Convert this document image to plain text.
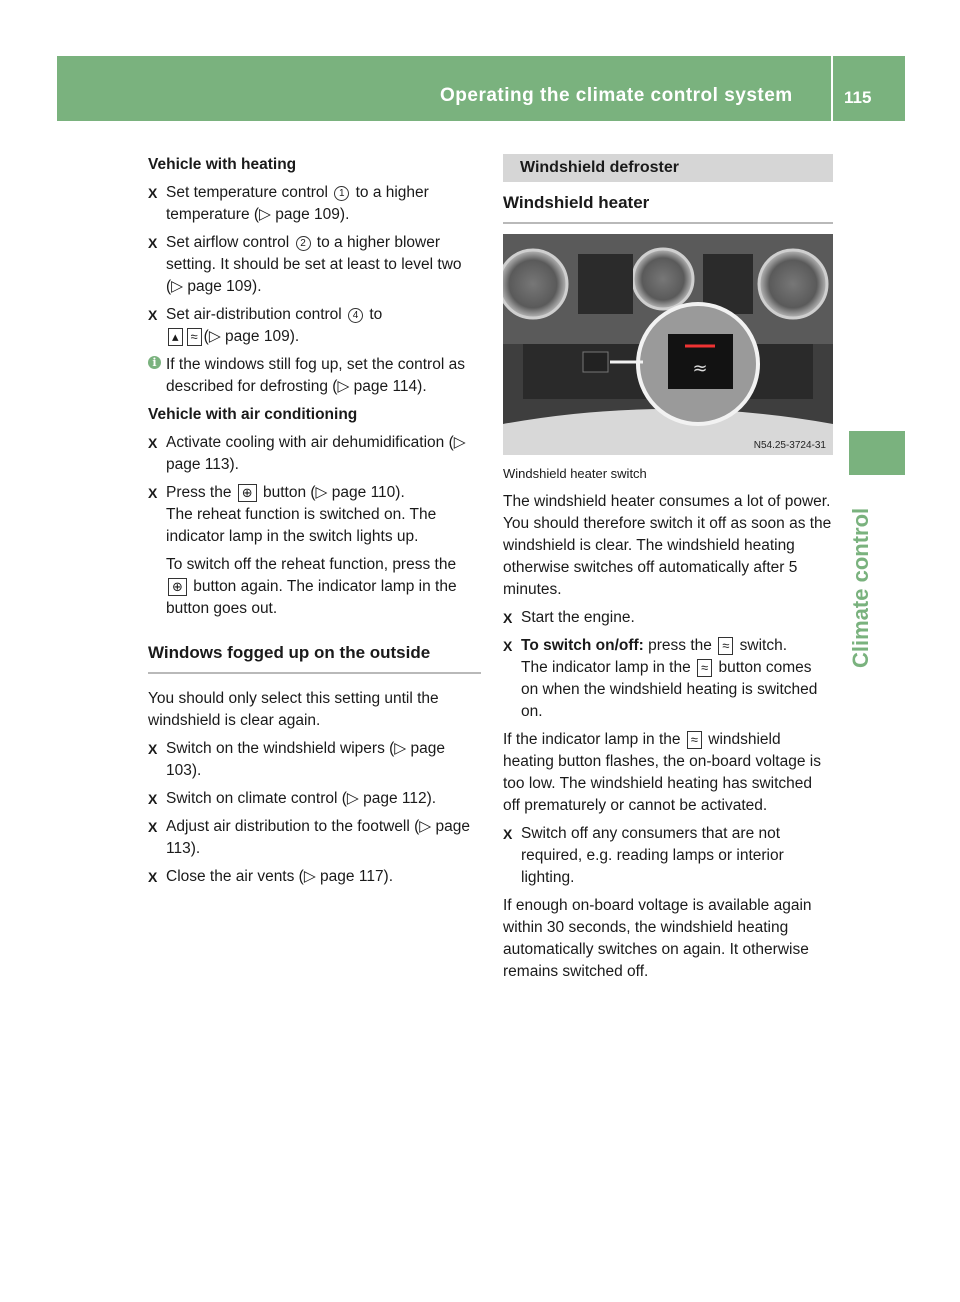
Operating the climate control system	115
Climate control
Vehicle with heating
X Set temperature control 1 to a higher temperature (▷ page 109).
X Set airflow control 2 to a higher blower setting. It should be set at least to level two (▷ page 109).
X Set air-distribution control 4 to
▴ ≈ (▷ page 109).
i If the windows still fog up, set the control as described for defrosting (▷ page 114).
Vehicle with air conditioning
X Activate cooling with air dehumidification (▷ page 113).
X Press the ⊕ button (▷ page 110).
The reheat function is switched on. The indicator lamp in the switch lights up.
To switch off the reheat function, press the ⊕ button again. The indicator lamp in the button goes out.
Windows fogged up on the outside
You should only select this setting until the windshield is clear again.
X Switch on the windshield wipers (▷ page 103).
X Switch on climate control (▷ page 112).
X Adjust air distribution to the footwell (▷ page 113).
X Close the air vents (▷ page 117).
Windshield defroster
Windshield heater
≈
N54.25-3724-31
Windshield heater switch
The windshield heater consumes a lot of power. You should therefore switch it off as soon as the windshield is clear. The windshield heating otherwise switches off automatically after 5 minutes.
X Start the engine.
X To switch on/off: press the ≈ switch.
The indicator lamp in the ≈ button comes on when the windshield heating is switched on.
If the indicator lamp in the ≈ windshield heating button flashes, the on-board voltage is too low. The windshield heating has switched off prematurely or cannot be activated.
X Switch off any consumers that are not required, e.g. reading lamps or interior lighting.
If enough on-board voltage is available again within 30 seconds, the windshield heating automatically switches on again. It otherwise remains switched off.
